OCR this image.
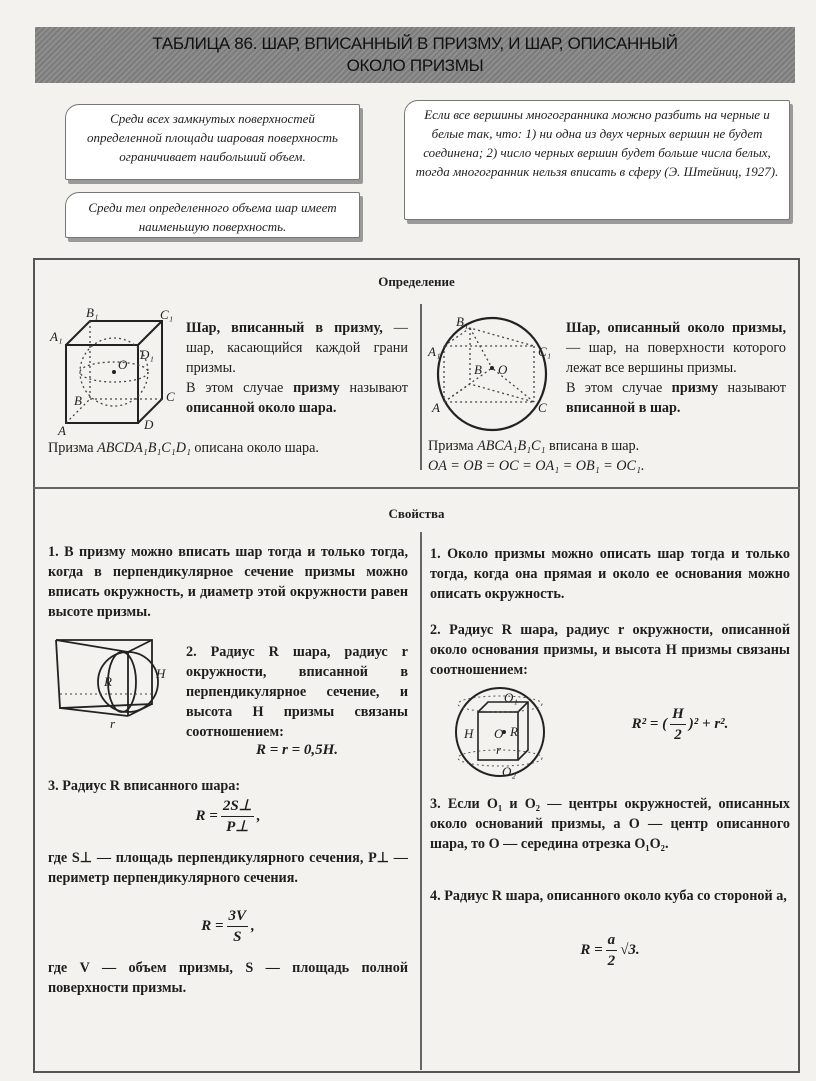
ТАБЛИЦА 86. ШАР, ВПИСАННЫЙ В ПРИЗМУ, И ШАР, ОПИСАННЫЙ
ОКОЛО ПРИЗМЫ
Среди всех замкнутых поверхностей определенной площади шаровая поверхность ограничивает наибольший объем.
Среди тел определенного объема шар имеет наименьшую поверхность.
Если все вершины многогранника можно разбить на черные и белые так, что: 1) ни одна из двух черных вершин не будет соединена; 2) число черных вершин будет больше числа белых, тогда многогранник нельзя вписать в сферу (Э. Штейниц, 1927).
Определение
Свойства
B₁	C₁
A₁
D₁
O
B	C
A	D
Шар, вписанный в призму, — шар, касающийся каждой грани призмы.
В этом случае призму называют описанной около шара.
Призма ABCDA₁B₁C₁D₁ описана около шара.
B₁
A₁	C₁
B O
A	C
Шар, описанный около призмы, — шар, на поверхности которого лежат все вершины призмы.
В этом случае призму называют вписанной в шар.
Призма ABCA₁B₁C₁ вписана в шар.
OA = OB = OC = OA₁ = OB₁ = OC₁.
1. В призму можно вписать шар тогда и только тогда, когда в перпендикулярное сечение призмы можно вписать окружность, и диаметр этой окружности равен высоте призмы.
R
H
r
2. Радиус R шара, радиус r окружности, вписанной в перпендикулярное сечение, и высота H призмы связаны соотношением:
R = r = 0,5H.
3. Радиус R вписанного шара:
$R = \frac{2S\perp}{P\perp}$ ,
где S⊥ — площадь перпендикулярного сечения, P⊥ — периметр перпендикулярного сечения.
$R = \frac{3V}{S}$ ,
где V — объем призмы, S — площадь полной поверхности призмы.
1. Около призмы можно описать шар тогда и только тогда, когда она прямая и около ее основания можно описать окружность.
2. Радиус R шара, радиус r окружности, описанной около основания призмы, и высота H призмы связаны соотношением:
O₁
O R
H
r
O₂
R² = ( $\frac{H}{2} )^2 + r^2$.
3. Если O₁ и O₂ — центры окружностей, описанных около оснований призмы, а O — центр описанного шара, то O — середина отрезка O₁O₂.
4. Радиус R шара, описанного около куба со стороной a,
$R = \frac{a}{2} √3$.
